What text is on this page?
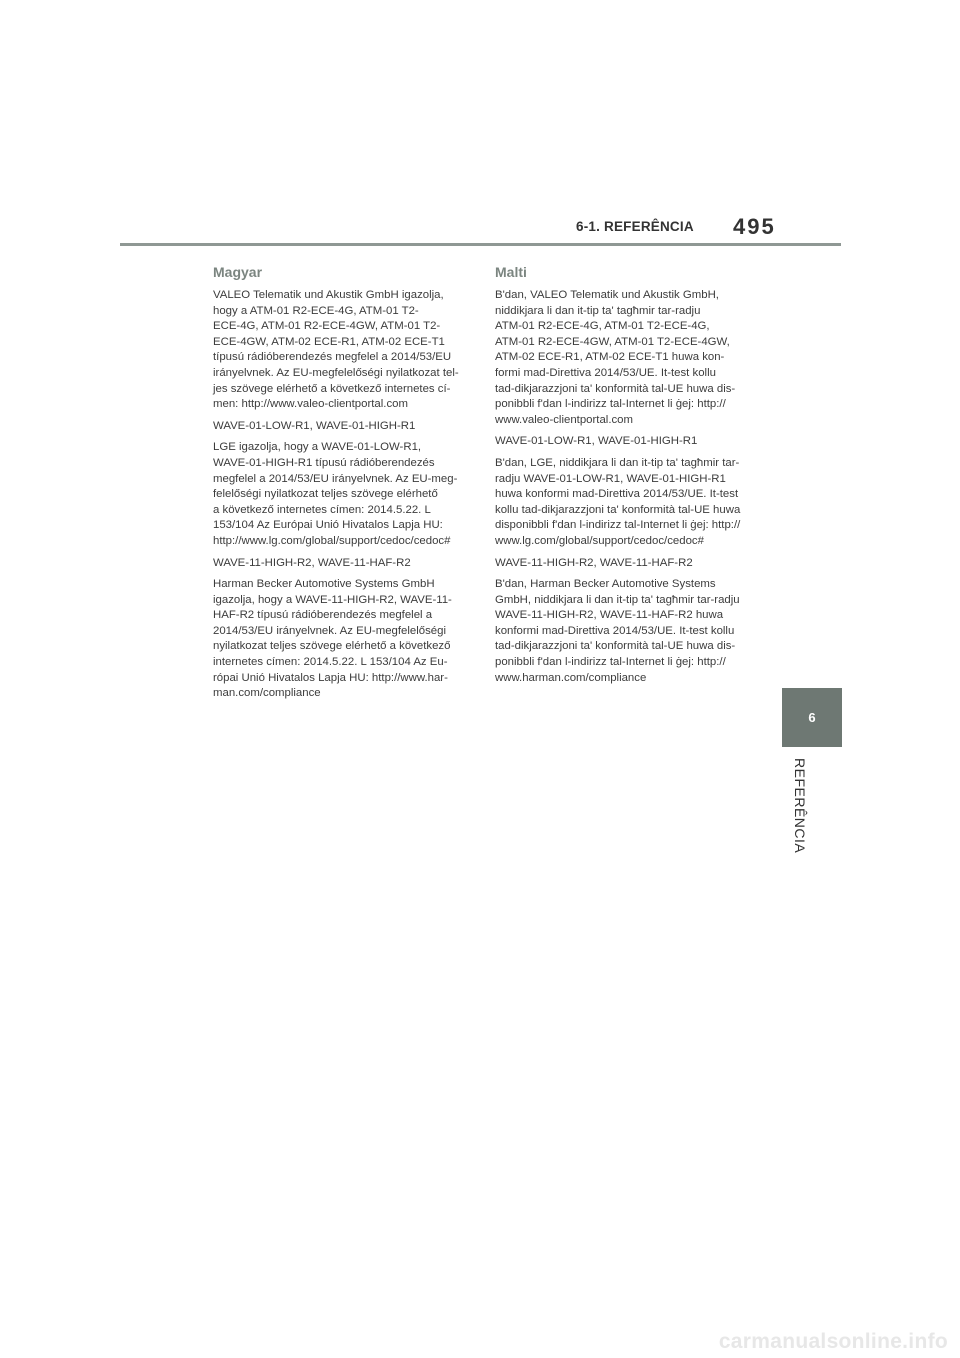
6-1. REFERÊNCIA 495
Magyar

VALEO Telematik und Akustik GmbH igazolja,
hogy a ATM-01 R2-ECE-4G, ATM-01 T2-
ECE-4G, ATM-01 R2-ECE-4GW, ATM-01 T2-
ECE-4GW, ATM-02 ECE-R1, ATM-02 ECE-T1
típusú rádióberendezés megfelel a 2014/53/EU
irányelvnek. Az EU-megfelelőségi nyilatkozat tel-
jes szövege elérhető a következő internetes cí-
men: http://www.valeo-clientportal.com

WAVE-01-LOW-R1, WAVE-01-HIGH-R1

LGE igazolja, hogy a WAVE-01-LOW-R1,
WAVE-01-HIGH-R1 típusú rádióberendezés
megfelel a 2014/53/EU irányelvnek. Az EU-meg-
felelőségi nyilatkozat teljes szövege elérhető
a következő internetes címen: 2014.5.22. L
153/104 Az Európai Unió Hivatalos Lapja HU:
http://www.lg.com/global/support/cedoc/cedoc#

WAVE-11-HIGH-R2, WAVE-11-HAF-R2

Harman Becker Automotive Systems GmbH
igazolja, hogy a WAVE-11-HIGH-R2, WAVE-11-
HAF-R2 típusú rádióberendezés megfelel a
2014/53/EU irányelvnek. Az EU-megfelelőségi
nyilatkozat teljes szövege elérhető a következő
internetes címen: 2014.5.22. L 153/104 Az Eu-
rópai Unió Hivatalos Lapja HU: http://www.har-
man.com/compliance

Malti

B'dan, VALEO Telematik und Akustik GmbH,
niddikjara li dan it-tip ta' tagħmir tar-radju
ATM-01 R2-ECE-4G, ATM-01 T2-ECE-4G,
ATM-01 R2-ECE-4GW, ATM-01 T2-ECE-4GW,
ATM-02 ECE-R1, ATM-02 ECE-T1 huwa kon-
formi mad-Direttiva 2014/53/UE. It-test kollu
tad-dikjarazzjoni ta' konformità tal-UE huwa dis-
ponibbli f'dan l-indirizz tal-Internet li ġej: http://
www.valeo-clientportal.com

WAVE-01-LOW-R1, WAVE-01-HIGH-R1

B'dan, LGE, niddikjara li dan it-tip ta' tagħmir tar-
radju WAVE-01-LOW-R1, WAVE-01-HIGH-R1
huwa konformi mad-Direttiva 2014/53/UE. It-test
kollu tad-dikjarazzjoni ta' konformità tal-UE huwa
disponibbli f'dan l-indirizz tal-Internet li ġej: http://
www.lg.com/global/support/cedoc/cedoc#

WAVE-11-HIGH-R2, WAVE-11-HAF-R2

B'dan, Harman Becker Automotive Systems
GmbH, niddikjara li dan it-tip ta' tagħmir tar-radju
WAVE-11-HIGH-R2, WAVE-11-HAF-R2 huwa
konformi mad-Direttiva 2014/53/UE. It-test kollu
tad-dikjarazzjoni ta' konformità tal-UE huwa dis-
ponibbli f'dan l-indirizz tal-Internet li ġej: http://
www.harman.com/compliance

6
REFERÊNCIA
carmanualsonline.info
